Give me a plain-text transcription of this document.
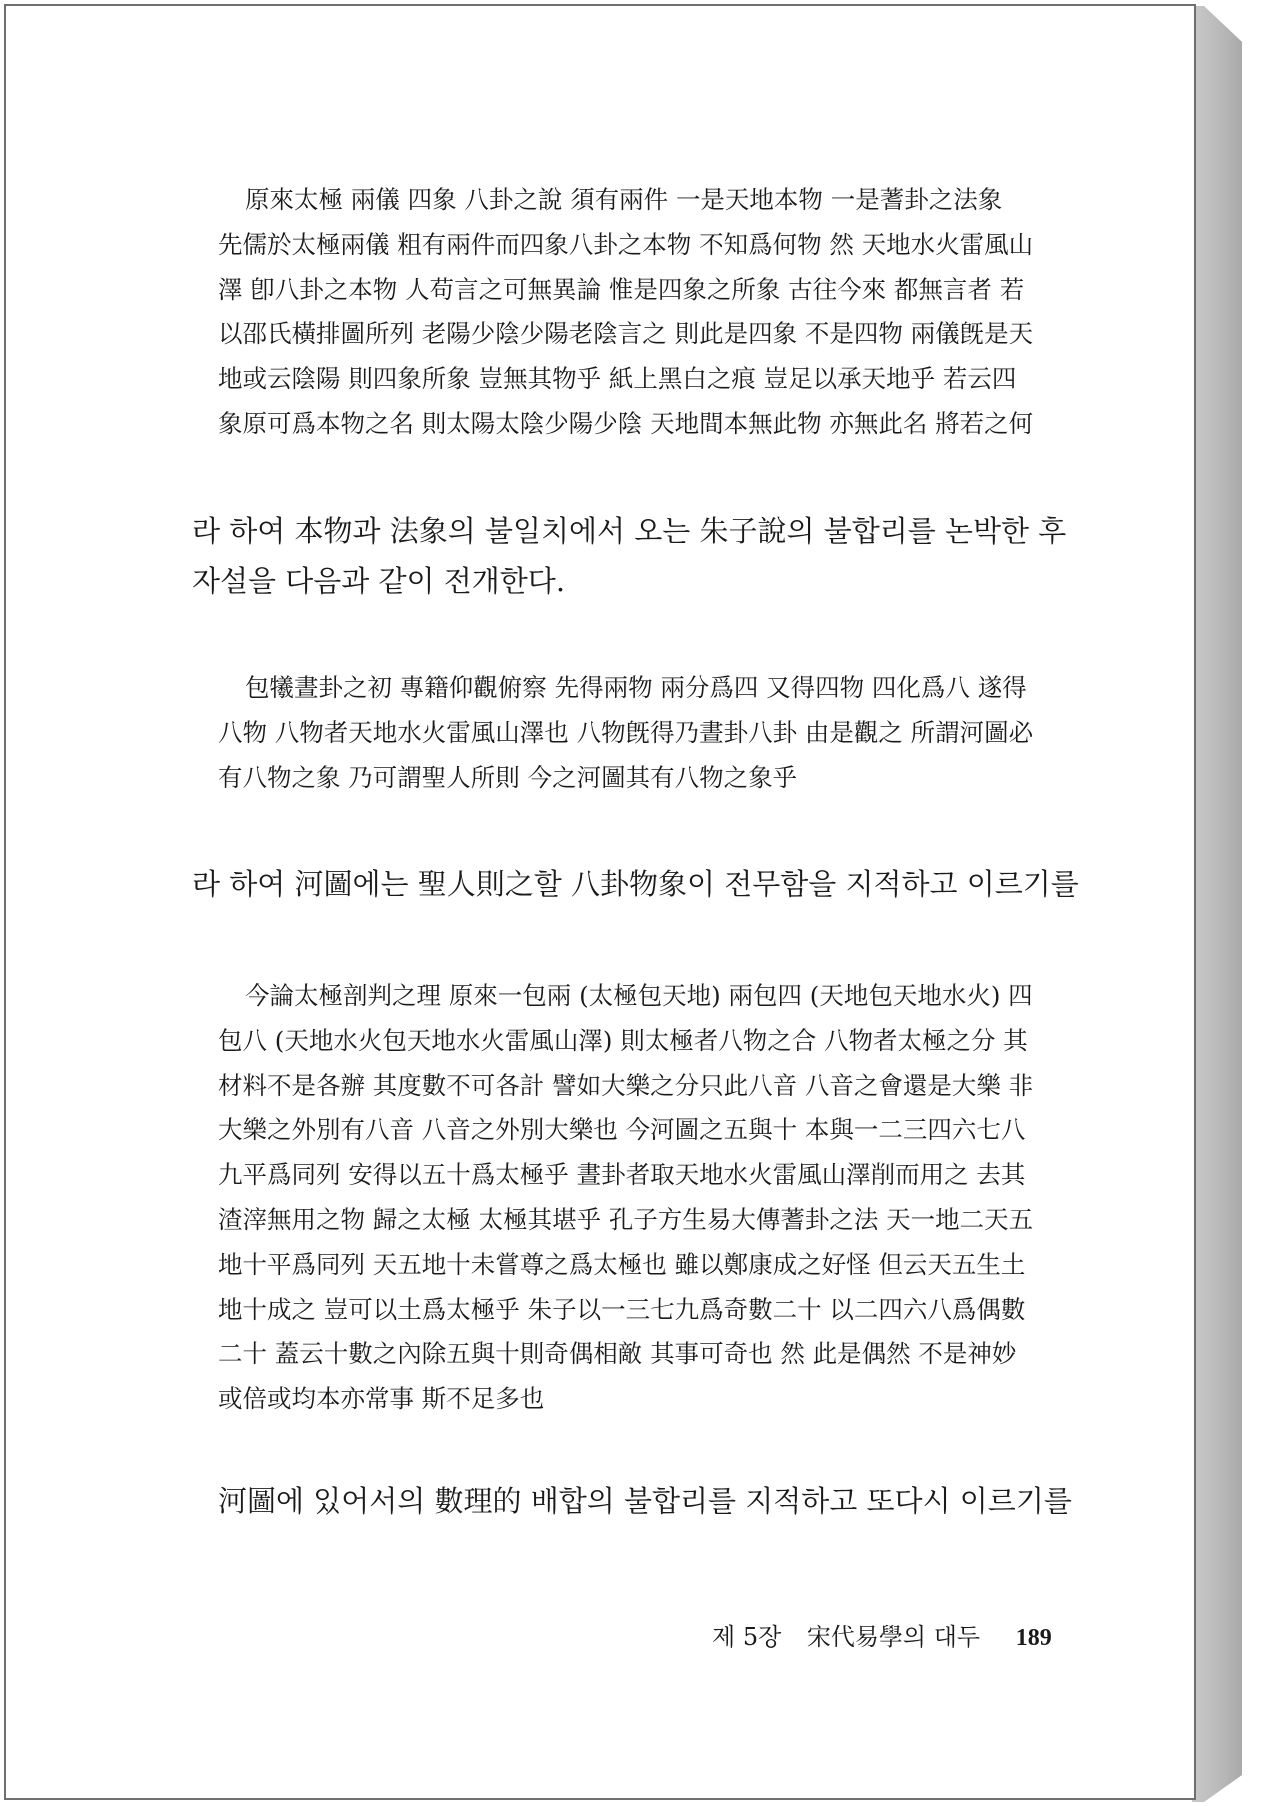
原來太極 兩儀 四象 八卦之說 須有兩件 一是天地本物 一是蓍卦之法象
先儒於太極兩儀 粗有兩件而四象八卦之本物 不知爲何物 然 天地水火雷風山
澤 卽八卦之本物 人苟言之可無異論 惟是四象之所象 古往今來 都無言者 若
以邵氏橫排圖所列 老陽少陰少陽老陰言之 則此是四象 不是四物 兩儀旣是天
地或云陰陽 則四象所象 豈無其物乎 紙上黑白之痕 豈足以承天地乎 若云四
象原可爲本物之名 則太陽太陰少陽少陰 天地間本無此物 亦無此名 將若之何
라 하여 本物과 法象의 불일치에서 오는 朱子說의 불합리를 논박한 후
자설을 다음과 같이 전개한다.
包犧晝卦之初 專籍仰觀俯察 先得兩物 兩分爲四 又得四物 四化爲八 遂得
八物 八物者天地水火雷風山澤也 八物旣得乃晝卦八卦 由是觀之 所謂河圖必
有八物之象 乃可謂聖人所則 今之河圖其有八物之象乎
라 하여 河圖에는 聖人則之할 八卦物象이 전무함을 지적하고 이르기를
今論太極剖判之理 原來一包兩 (太極包天地) 兩包四 (天地包天地水火) 四
包八 (天地水火包天地水火雷風山澤) 則太極者八物之合 八物者太極之分 其
材料不是各辦 其度數不可各計 譬如大樂之分只此八音 八音之會還是大樂 非
大樂之外別有八音 八音之外別大樂也 今河圖之五與十 本與一二三四六七八
九平爲同列 安得以五十爲太極乎 晝卦者取天地水火雷風山澤削而用之 去其
渣滓無用之物 歸之太極 太極其堪乎 孔子方生易大傳蓍卦之法 天一地二天五
地十平爲同列 天五地十未嘗尊之爲太極也 雖以鄭康成之好怪 但云天五生土
地十成之 豈可以土爲太極乎 朱子以一三七九爲奇數二十 以二四六八爲偶數
二十 蓋云十數之內除五與十則奇偶相敵 其事可奇也 然 此是偶然 不是神妙
或倍或均本亦常事 斯不足多也
河圖에 있어서의 數理的 배합의 불합리를 지적하고 또다시 이르기를
제 5장 宋代易學의 대두 189
